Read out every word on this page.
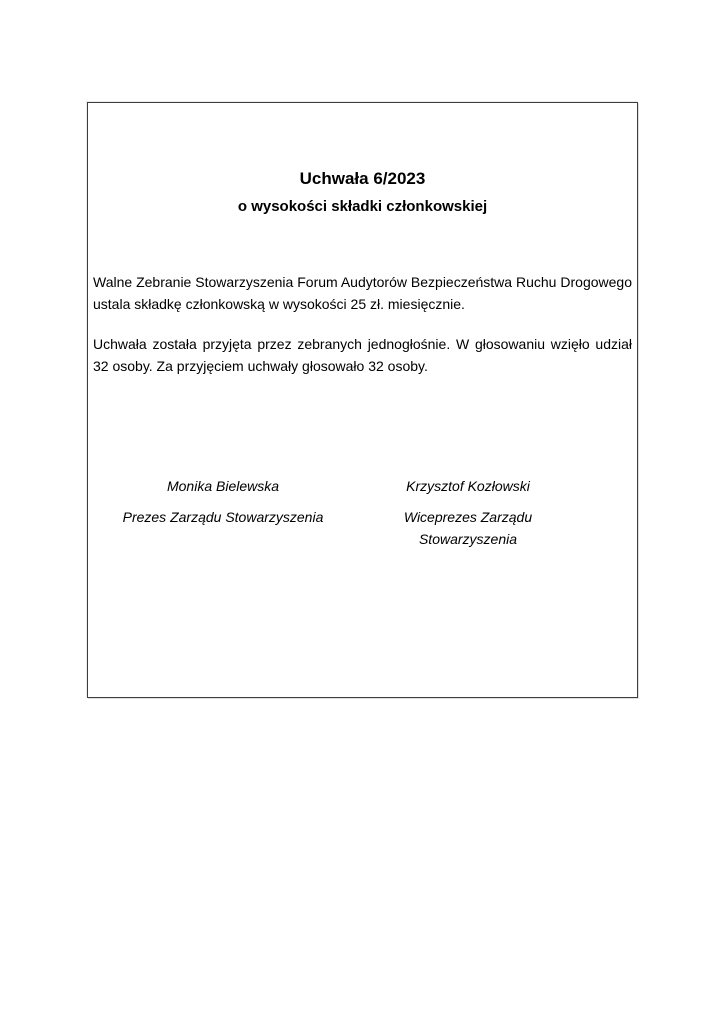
Uchwała 6/2023
o wysokości składki członkowskiej

Walne Zebranie Stowarzyszenia Forum Audytorów Bezpieczeństwa Ruchu Drogowego ustala składkę członkowską w wysokości 25 zł. miesięcznie.

Uchwała została przyjęta przez zebranych jednogłośnie. W głosowaniu wzięło udział 32 osoby. Za przyjęciem uchwały głosowało 32 osoby.

Monika Bielewska
Prezes Zarządu Stowarzyszenia
Krzysztof Kozłowski
Wiceprezes Zarządu Stowarzyszenia
